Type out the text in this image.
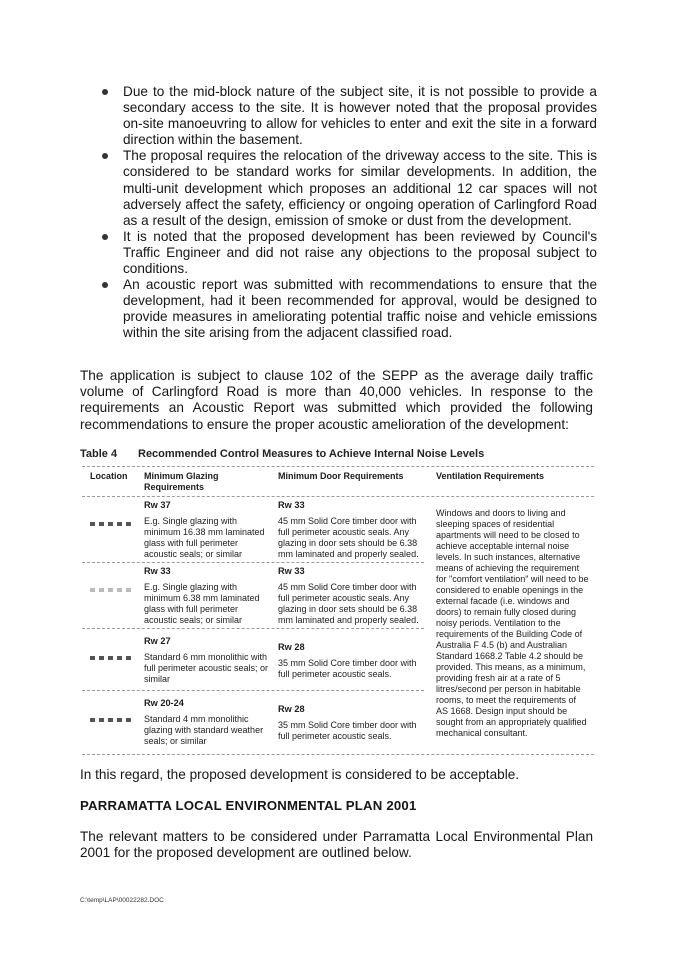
Due to the mid-block nature of the subject site, it is not possible to provide a secondary access to the site. It is however noted that the proposal provides on-site manoeuvring to allow for vehicles to enter and exit the site in a forward direction within the basement.
The proposal requires the relocation of the driveway access to the site. This is considered to be standard works for similar developments. In addition, the multi-unit development which proposes an additional 12 car spaces will not adversely affect the safety, efficiency or ongoing operation of Carlingford Road as a result of the design, emission of smoke or dust from the development.
It is noted that the proposed development has been reviewed by Council's Traffic Engineer and did not raise any objections to the proposal subject to conditions.
An acoustic report was submitted with recommendations to ensure that the development, had it been recommended for approval, would be designed to provide measures in ameliorating potential traffic noise and vehicle emissions within the site arising from the adjacent classified road.

The application is subject to clause 102 of the SEPP as the average daily traffic volume of Carlingford Road is more than 40,000 vehicles. In response to the requirements an Acoustic Report was submitted which provided the following recommendations to ensure the proper acoustic amelioration of the development:

Table 4 Recommended Control Measures to Achieve Internal Noise Levels
Location	Minimum Glazing Requirements
Minimum Door Requirements	Ventilation Requirements
Rw 37
E.g. Single glazing with minimum 16.38 mm laminated glass with full perimeter acoustic seals; or similar
Rw 33
45 mm Solid Core timber door with full perimeter acoustic seals. Any glazing in door sets should be 6.38 mm laminated and properly sealed.
Rw 33
E.g. Single glazing with minimum 6.38 mm laminated glass with full perimeter acoustic seals; or similar
Rw 33
45 mm Solid Core timber door with full perimeter acoustic seals. Any glazing in door sets should be 6.38 mm laminated and properly sealed.
Rw 27
Standard 6 mm monolithic with full perimeter acoustic seals; or similar
Rw 28
35 mm Solid Core timber door with full perimeter acoustic seals.
Rw 20-24
Standard 4 mm monolithic glazing with standard weather seals; or similar
Rw 28
35 mm Solid Core timber door with full perimeter acoustic seals.
Windows and doors to living and sleeping spaces of residential apartments will need to be closed to achieve acceptable internal noise levels. In such instances, alternative means of achieving the requirement for "comfort ventilation" will need to be considered to enable openings in the external facade (i.e. windows and doors) to remain fully closed during noisy periods. Ventilation to the requirements of the Building Code of Australia F 4.5 (b) and Australian Standard 1668.2 Table 4.2 should be provided. This means, as a minimum, providing fresh air at a rate of 5 litres/second per person in habitable rooms, to meet the requirements of AS 1668. Design input should be sought from an appropriately qualified mechanical consultant.

In this regard, the proposed development is considered to be acceptable.

PARRAMATTA LOCAL ENVIRONMENTAL PLAN 2001

The relevant matters to be considered under Parramatta Local Environmental Plan 2001 for the proposed development are outlined below.

C:\temp\LAP\00022282.DOC
